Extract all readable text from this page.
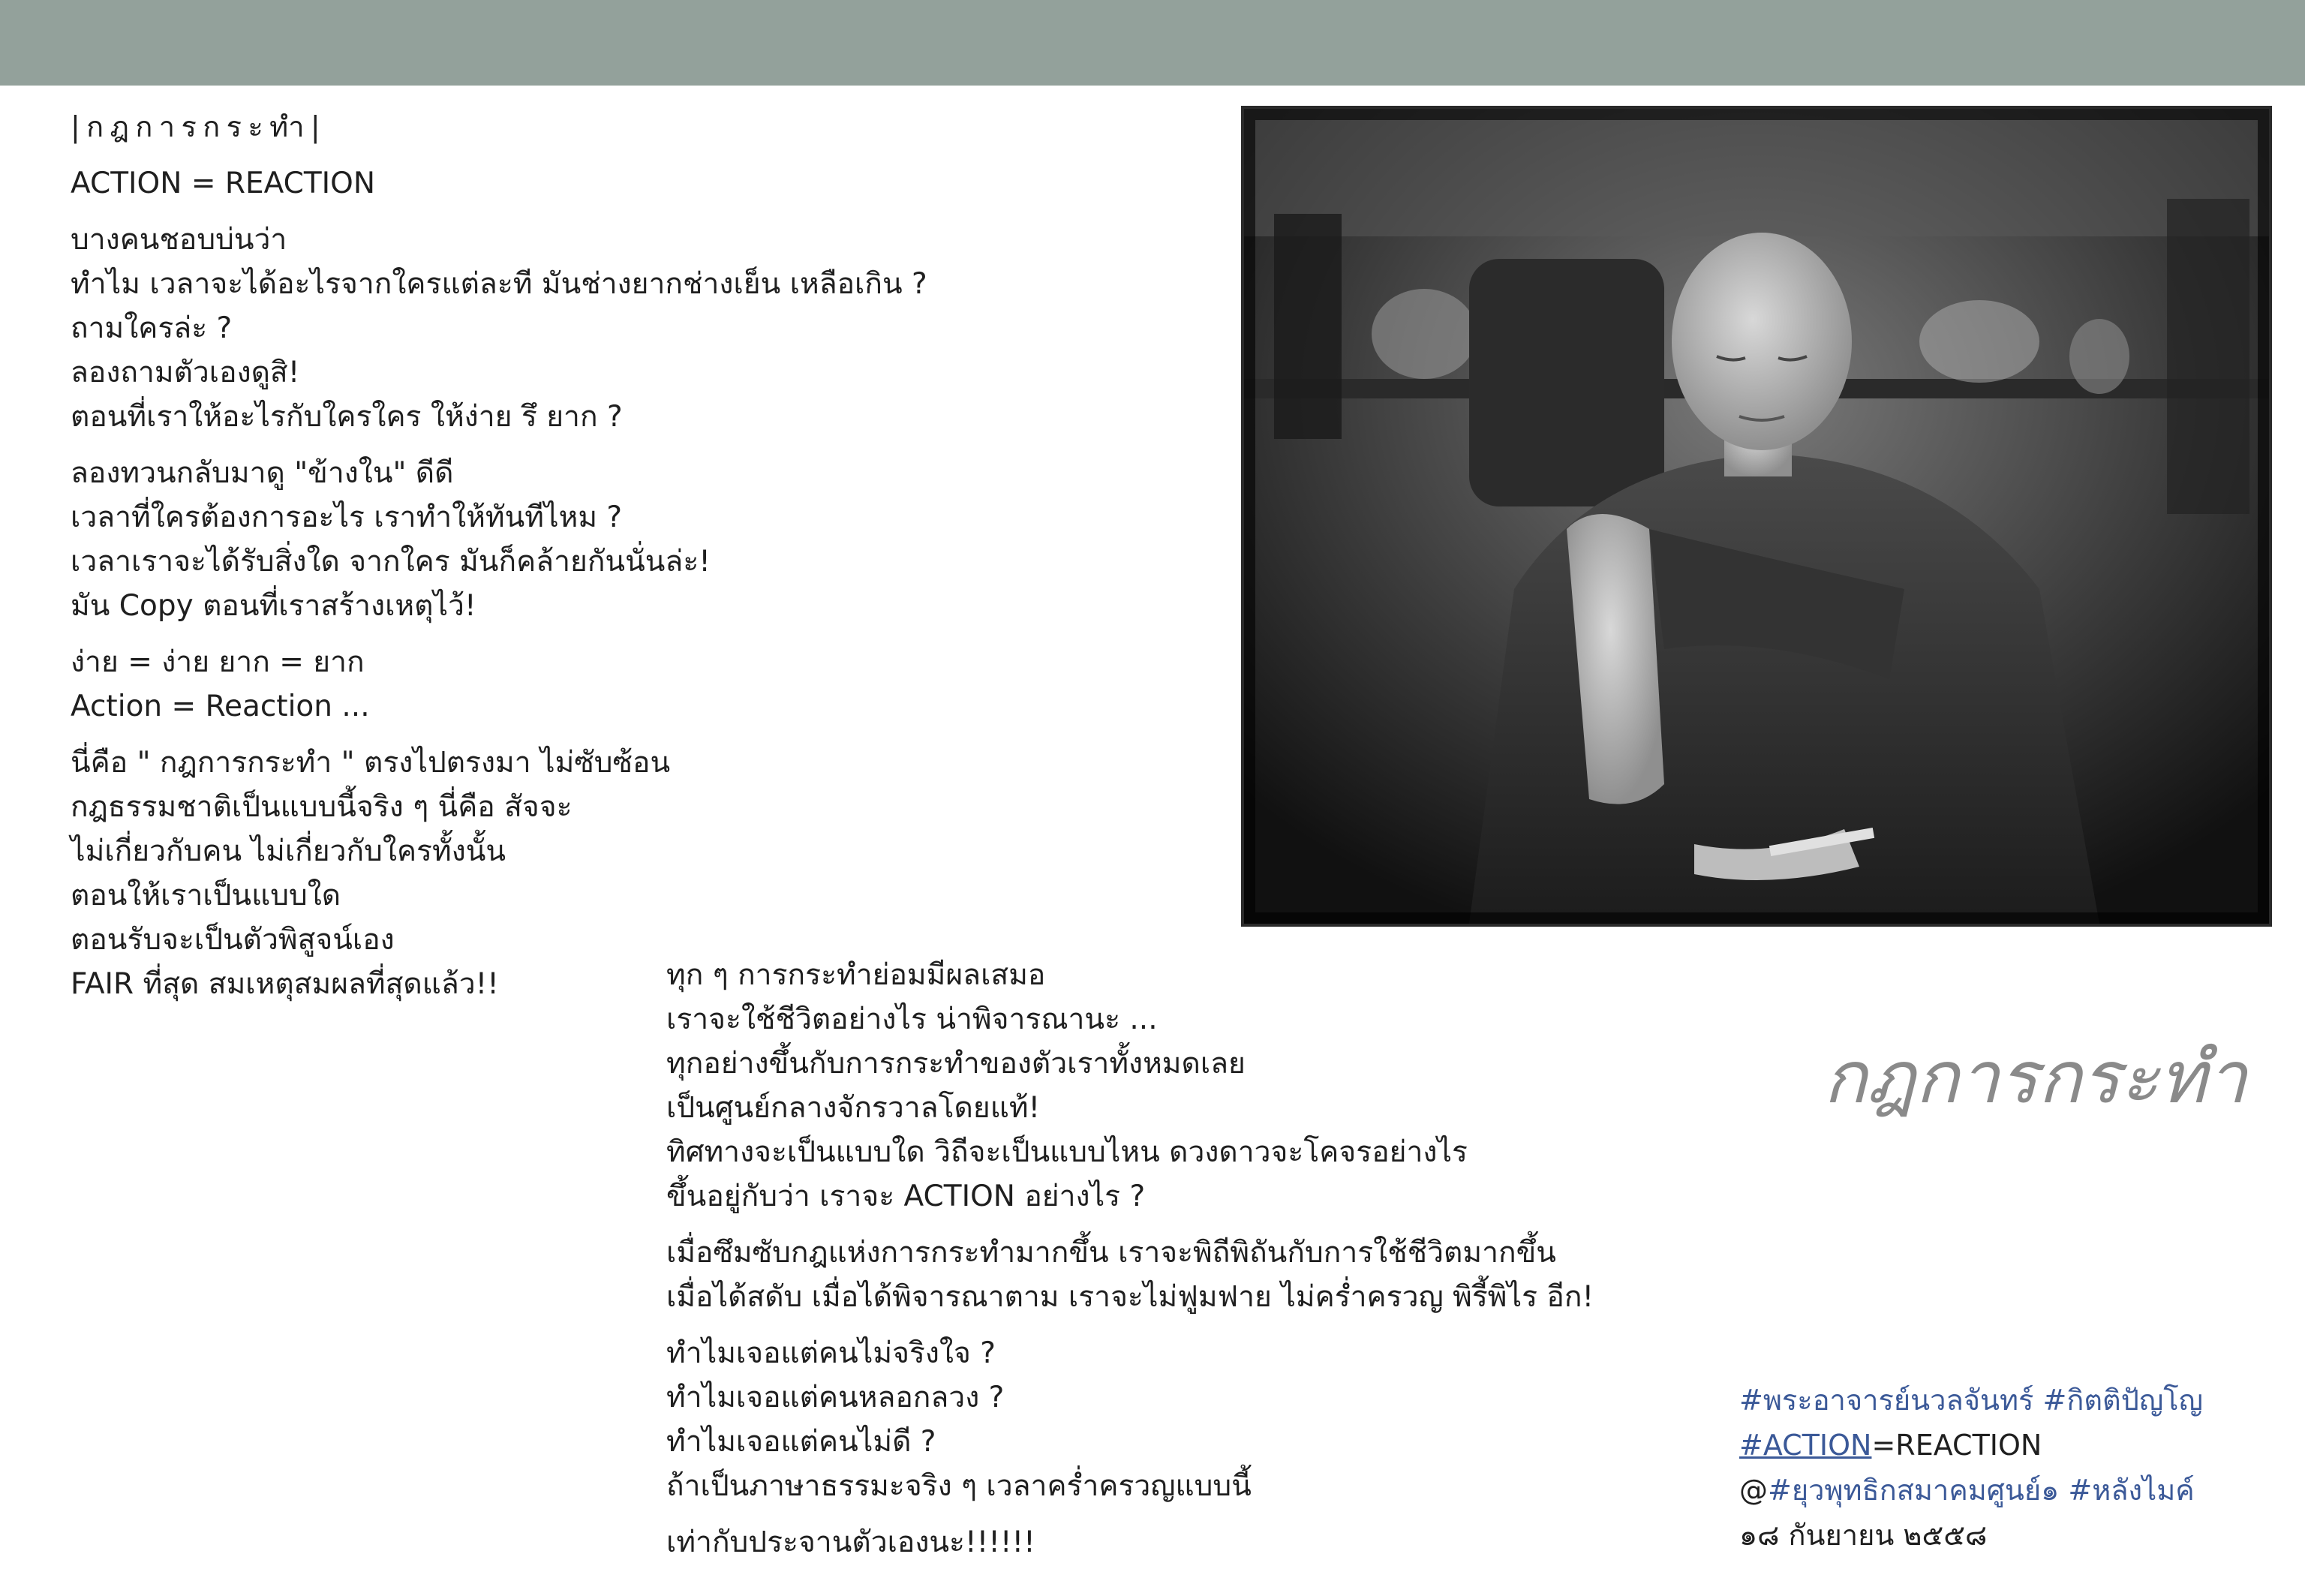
|กฎการกระทำ|

ACTION = REACTION

บางคนชอบบ่นว่า
ทำไม เวลาจะได้อะไรจากใครแต่ละที มันช่างยากช่างเย็น เหลือเกิน ?
ถามใครล่ะ ?
ลองถามตัวเองดูสิ!
ตอนที่เราให้อะไรกับใครใคร ให้ง่าย รึ ยาก ?

ลองทวนกลับมาดู "ข้างใน" ดีดี
เวลาที่ใครต้องการอะไร เราทำให้ทันทีไหม ?
เวลาเราจะได้รับสิ่งใด จากใคร มันก็คล้ายกันนั่นล่ะ!
มัน Copy ตอนที่เราสร้างเหตุไว้!

ง่าย = ง่าย ยาก = ยาก
Action = Reaction ...

นี่คือ " กฎการกระทำ " ตรงไปตรงมา ไม่ซับซ้อน
กฎธรรมชาติเป็นแบบนี้จริง ๆ นี่คือ สัจจะ
ไม่เกี่ยวกับคน ไม่เกี่ยวกับใครทั้งนั้น
ตอนให้เราเป็นแบบใด
ตอนรับจะเป็นตัวพิสูจน์เอง
FAIR ที่สุด สมเหตุสมผลที่สุดแล้ว!!	ทุก ๆ การกระทำย่อมมีผลเสมอ
เราจะใช้ชีวิตอย่างไร น่าพิจารณานะ ...
ทุกอย่างขึ้นกับการกระทำของตัวเราทั้งหมดเลย
เป็นศูนย์กลางจักรวาลโดยแท้!
ทิศทางจะเป็นแบบใด วิถีจะเป็นแบบไหน ดวงดาวจะโคจรอย่างไร
ขึ้นอยู่กับว่า เราจะ ACTION อย่างไร ?

เมื่อซึมซับกฎแห่งการกระทำมากขึ้น เราจะพิถีพิถันกับการใช้ชีวิตมากขึ้น
เมื่อได้สดับ เมื่อได้พิจารณาตาม เราจะไม่ฟูมฟาย ไม่คร่ำครวญ พิรี้พิไร อีก!

ทำไมเจอแต่คนไม่จริงใจ ?
ทำไมเจอแต่คนหลอกลวง ?
ทำไมเจอแต่คนไม่ดี ?
ถ้าเป็นภาษาธรรมะจริง ๆ เวลาคร่ำครวญแบบนี้

เท่ากับประจานตัวเองนะ!!!!!!

กฎการกระทำ
#พระอาจารย์นวลจันทร์ #กิตติปัญโญ
#ACTION=REACTION
@#ยุวพุทธิกสมาคมศูนย์๑ #หลังไมค์
๑๘ กันยายน ๒๕๕๘
